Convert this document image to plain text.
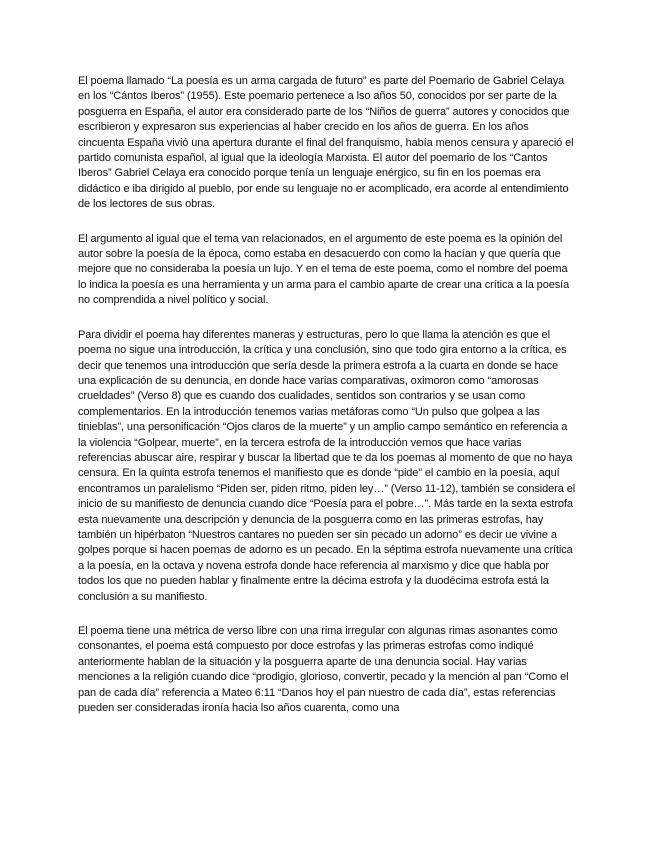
El poema llamado “La poesía es un arma cargada de futuro” es parte del Poemario de Gabriel Celaya en los “Cántos Iberos” (1955). Este poemario pertenece a lso años 50, conocidos por ser parte de la posguerra en España, el autor era considerado parte de los “Niños de guerra” autores y conocidos que escribieron y expresaron sus experiencias al haber crecido en los años de guerra. En los años cincuenta España vivió una apertura durante el final del franquismo, había menos censura y apareció el partido comunista español, al igual que la ideología Marxista. El autor del poemario de los “Cantos Iberos” Gabriel Celaya era conocido porque tenía un lenguaje enérgico, su fin en los poemas era didáctico e iba dirigido al pueblo, por ende su lenguaje no er acomplicado, era acorde al entendimiento de los lectores de sus obras.

El argumento al igual que el tema van relacionados, en el argumento de este poema es la opinión del autor sobre la poesía de la época, como estaba en desacuerdo con como la hacían y que quería que mejore que no consideraba la poesía un lujo. Y en el tema de este poema, como el nombre del poema lo indica la poesía es una herramienta y un arma para el cambio aparte de crear una crítica a la poesía no comprendida a nivel político y social.

Para dividir el poema hay diferentes maneras y estructuras, pero lo que llama la atención es que el poema no sigue una introducción, la crítica y una conclusión, sino que todo gira entorno a la crítica, es decir que tenemos una introducción que sería desde la primera estrofa a la cuarta en donde se hace una explicación de su denuncia, en donde hace varias comparativas, oximoron como “amorosas crueldades” (Verso 8) que es cuando dos cualidades, sentidos son contrarios y se usan como complementarios. En la introducción tenemos varias metáforas como “Un pulso que golpea a las tinieblas”, una personificación “Ojos claros de la muerte” y un amplio campo semántico en referencia a la violencia “Golpear, muerte”, en la tercera estrofa de la introducción vemos que hace varias referencias abuscar aire, respirar y buscar la libertad que te da los poemas al momento de que no haya censura. En la quinta estrofa tenemos el manifiesto que es donde “pide” el cambio en la poesía, aquí encontramos un paralelismo “Piden ser, piden ritmo, piden ley…” (Verso 11-12), también se considera el inicio de su manifiesto de denuncia cuando dice “Poesía para el pobre…”. Más tarde en la sexta estrofa esta nuevamente una descripción y denuncia de la posguerra como en las primeras estrofas, hay también un hipérbaton “Nuestros cantares no pueden ser sin pecado un adorno” es decir ue vivine a golpes porque si hacen poemas de adorno es un pecado. En la séptima estrofa nuevamente una crítica a la poesía, en la octava y novena estrofa donde hace referencia al marxismo y dice que habla por todos los que no pueden hablar y finalmente entre la décima estrofa y la duodécima estrofa está la conclusión a su manifiesto.

El poema tiene una métrica de verso libre con una rima irregular con algunas rimas asonantes como consonantes, el poema está compuesto por doce estrofas y las primeras estrofas como indiqué anteriormente hablan de la situación y la posguerra aparte de una denuncia social. Hay varias menciones a la religión cuando dice “prodigio, glorioso, convertir, pecado y la mención al pan “Como el pan de cada día” referencia a Mateo 6:11 “Danos hoy el pan nuestro de cada día”, estas referencias pueden ser consideradas ironía hacia lso años cuarenta, como una
